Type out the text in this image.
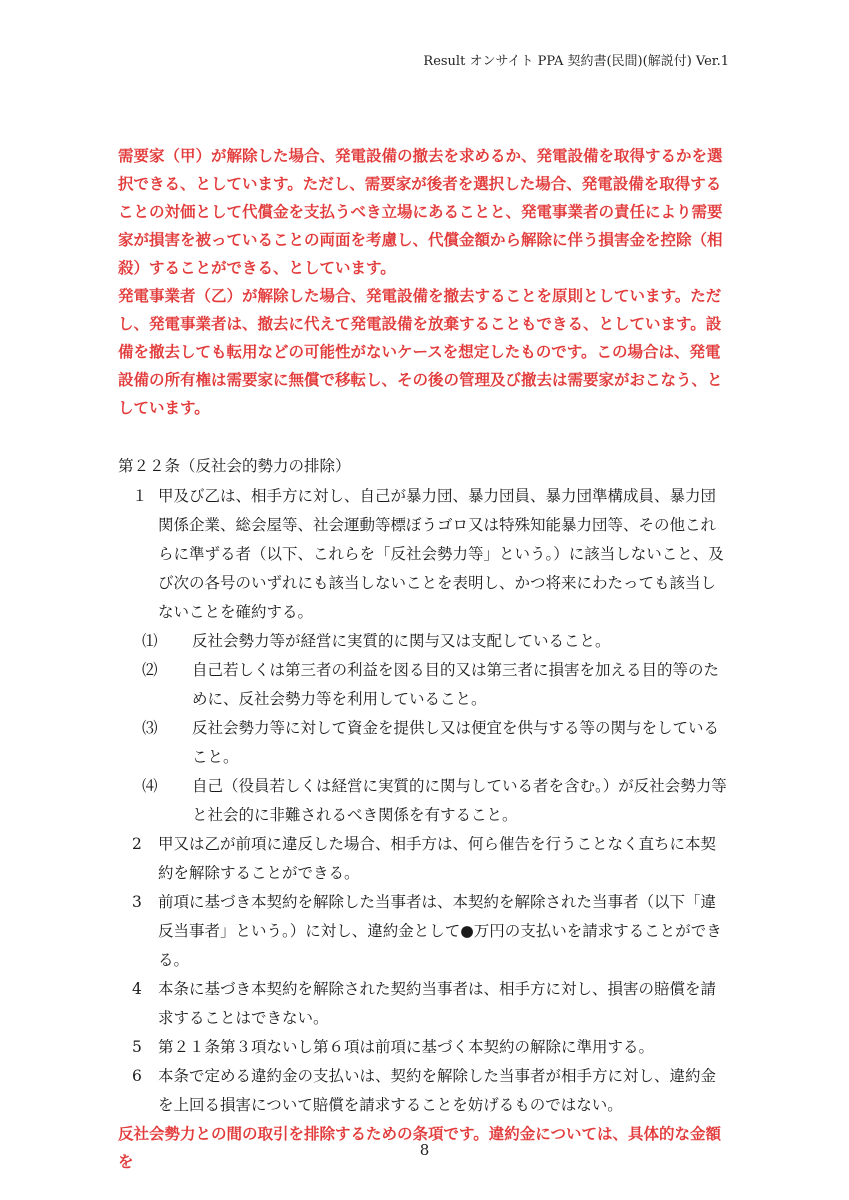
Result オンサイト PPA 契約書(民間)(解説付) Ver.1

需要家（甲）が解除した場合、発電設備の撤去を求めるか、発電設備を取得するかを選択できる、としています。ただし、需要家が後者を選択した場合、発電設備を取得することの対価として代償金を支払うべき立場にあることと、発電事業者の責任により需要家が損害を被っていることの両面を考慮し、代償金額から解除に伴う損害金を控除（相殺）することができる、としています。

発電事業者（乙）が解除した場合、発電設備を撤去することを原則としています。ただし、発電事業者は、撤去に代えて発電設備を放棄することもできる、としています。設備を撤去しても転用などの可能性がないケースを想定したものです。この場合は、発電設備の所有権は需要家に無償で移転し、その後の管理及び撤去は需要家がおこなう、としています。

第２２条（反社会的勢力の排除）

１ 甲及び乙は、相手方に対し、自己が暴力団、暴力団員、暴力団準構成員、暴力団関係企業、総会屋等、社会運動等標ぼうゴロ又は特殊知能暴力団等、その他これらに準ずる者（以下、これらを「反社会勢力等」という。）に該当しないこと、及び次の各号のいずれにも該当しないことを表明し、かつ将来にわたっても該当しないことを確約する。

⑴ 反社会勢力等が経営に実質的に関与又は支配していること。

⑵ 自己若しくは第三者の利益を図る目的又は第三者に損害を加える目的等のために、反社会勢力等を利用していること。

⑶ 反社会勢力等に対して資金を提供し又は便宜を供与する等の関与をしていること。

⑷ 自己（役員若しくは経営に実質的に関与している者を含む。）が反社会勢力等と社会的に非難されるべき関係を有すること。

2 甲又は乙が前項に違反した場合、相手方は、何ら催告を行うことなく直ちに本契約を解除することができる。

3 前項に基づき本契約を解除した当事者は、本契約を解除された当事者（以下「違反当事者」という。）に対し、違約金として●万円の支払いを請求することができる。

4 本条に基づき本契約を解除された契約当事者は、相手方に対し、損害の賠償を請求することはできない。

5 第２１条第３項ないし第６項は前項に基づく本契約の解除に準用する。

6 本条で定める違約金の支払いは、契約を解除した当事者が相手方に対し、違約金を上回る損害について賠償を請求することを妨げるものではない。

反社会勢力との間の取引を排除するための条項です。違約金については、具体的な金額を

8
